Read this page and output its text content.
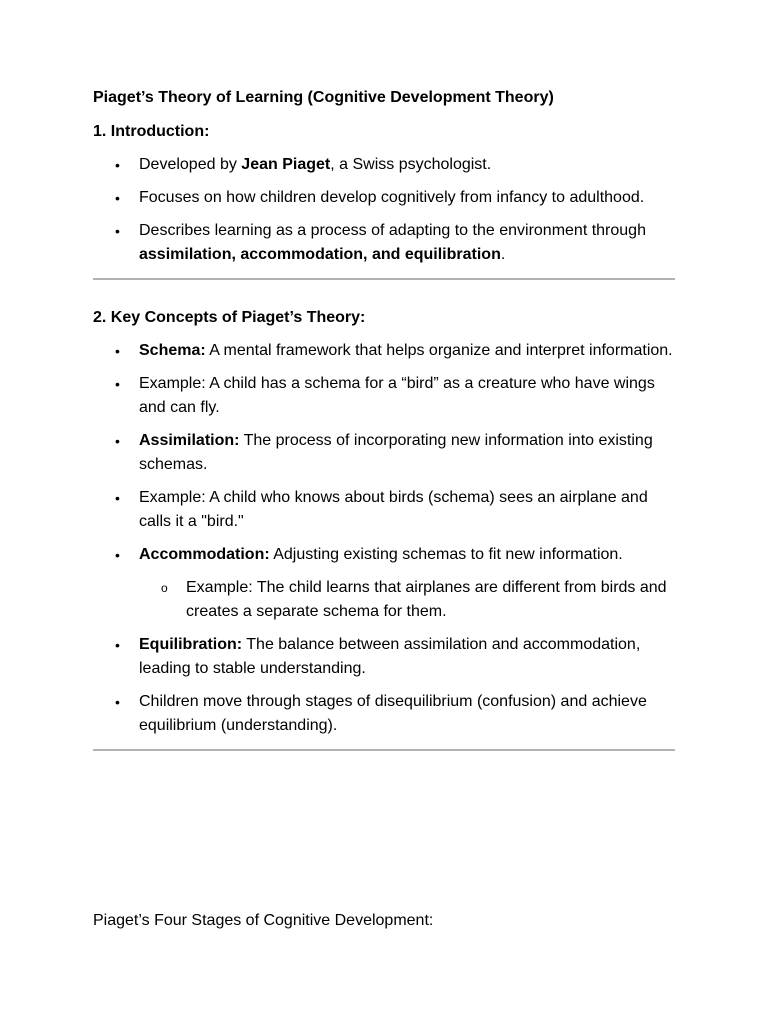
Piaget’s Theory of Learning (Cognitive Development Theory)

1. Introduction:

•	Developed by Jean Piaget, a Swiss psychologist.
•	Focuses on how children develop cognitively from infancy to adulthood.
•	Describes learning as a process of adapting to the environment through assimilation, accommodation, and equilibration.

2. Key Concepts of Piaget’s Theory:

•	Schema: A mental framework that helps organize and interpret information.
•	Example: A child has a schema for a “bird” as a creature who have wings and can fly.
•	Assimilation: The process of incorporating new information into existing schemas.
•	Example: A child who knows about birds (schema) sees an airplane and calls it a "bird."
•	Accommodation: Adjusting existing schemas to fit new information.
o Example: The child learns that airplanes are different from birds and creates a separate schema for them.
•	Equilibration: The balance between assimilation and accommodation, leading to stable understanding.
•	Children move through stages of disequilibrium (confusion) and achieve equilibrium (understanding).

Piaget’s Four Stages of Cognitive Development:
